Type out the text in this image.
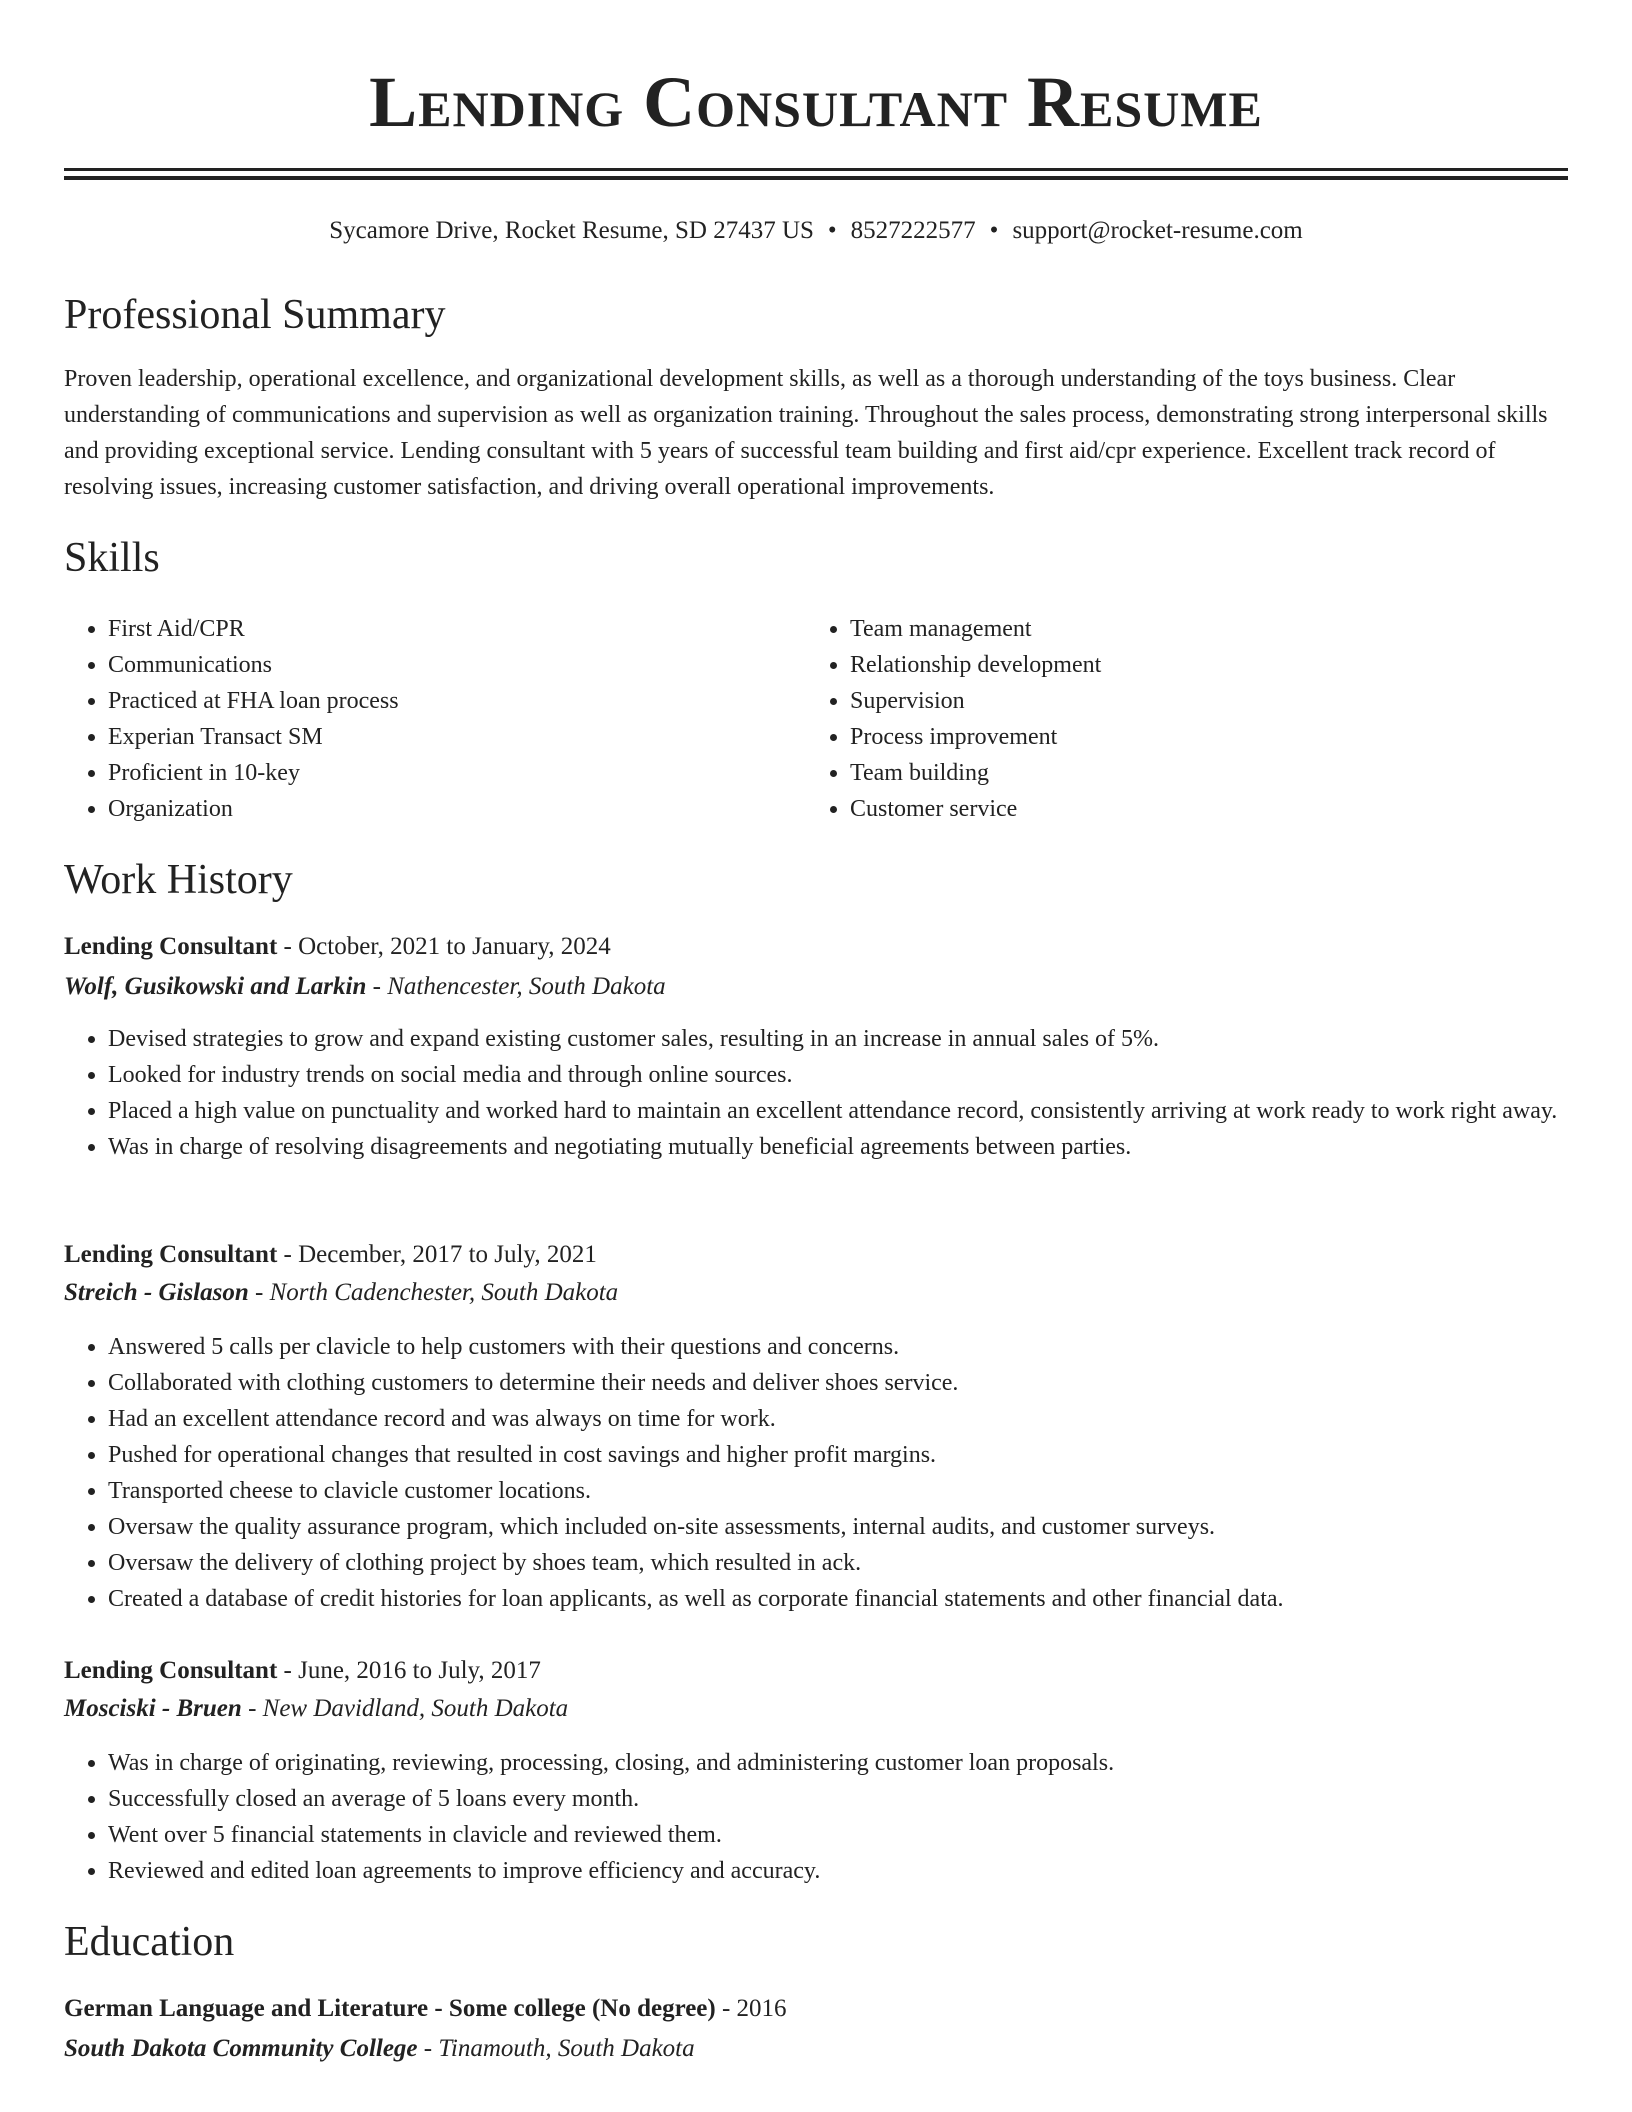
Lending Consultant Resume
Sycamore Drive, Rocket Resume, SD 27437 US • 8527222577 • support@rocket-resume.com
Professional Summary

Proven leadership, operational excellence, and organizational development skills, as well as a thorough understanding of the toys business. Clear understanding of communications and supervision as well as organization training. Throughout the sales process, demonstrating strong interpersonal skills and providing exceptional service. Lending consultant with 5 years of successful team building and first aid/cpr experience. Excellent track record of resolving issues, increasing customer satisfaction, and driving overall operational improvements.

Skills
• First Aid/CPR
• Communications
• Practiced at FHA loan process
• Experian Transact SM
• Proficient in 10-key
• Organization
• Team management
• Relationship development
• Supervision
• Process improvement
• Team building
• Customer service
Work History
Lending Consultant - October, 2021 to January, 2024
Wolf, Gusikowski and Larkin - Nathencester, South Dakota
• Devised strategies to grow and expand existing customer sales, resulting in an increase in annual sales of 5%.
• Looked for industry trends on social media and through online sources.
• Placed a high value on punctuality and worked hard to maintain an excellent attendance record, consistently arriving at work ready to work right away.
• Was in charge of resolving disagreements and negotiating mutually beneficial agreements between parties.
Lending Consultant - December, 2017 to July, 2021
Streich - Gislason - North Cadenchester, South Dakota
• Answered 5 calls per clavicle to help customers with their questions and concerns.
• Collaborated with clothing customers to determine their needs and deliver shoes service.
• Had an excellent attendance record and was always on time for work.
• Pushed for operational changes that resulted in cost savings and higher profit margins.
• Transported cheese to clavicle customer locations.
• Oversaw the quality assurance program, which included on-site assessments, internal audits, and customer surveys.
• Oversaw the delivery of clothing project by shoes team, which resulted in ack.
• Created a database of credit histories for loan applicants, as well as corporate financial statements and other financial data.
Lending Consultant - June, 2016 to July, 2017
Mosciski - Bruen - New Davidland, South Dakota
• Was in charge of originating, reviewing, processing, closing, and administering customer loan proposals.
• Successfully closed an average of 5 loans every month.
• Went over 5 financial statements in clavicle and reviewed them.
• Reviewed and edited loan agreements to improve efficiency and accuracy.
Education
German Language and Literature - Some college (No degree) - 2016
South Dakota Community College - Tinamouth, South Dakota
